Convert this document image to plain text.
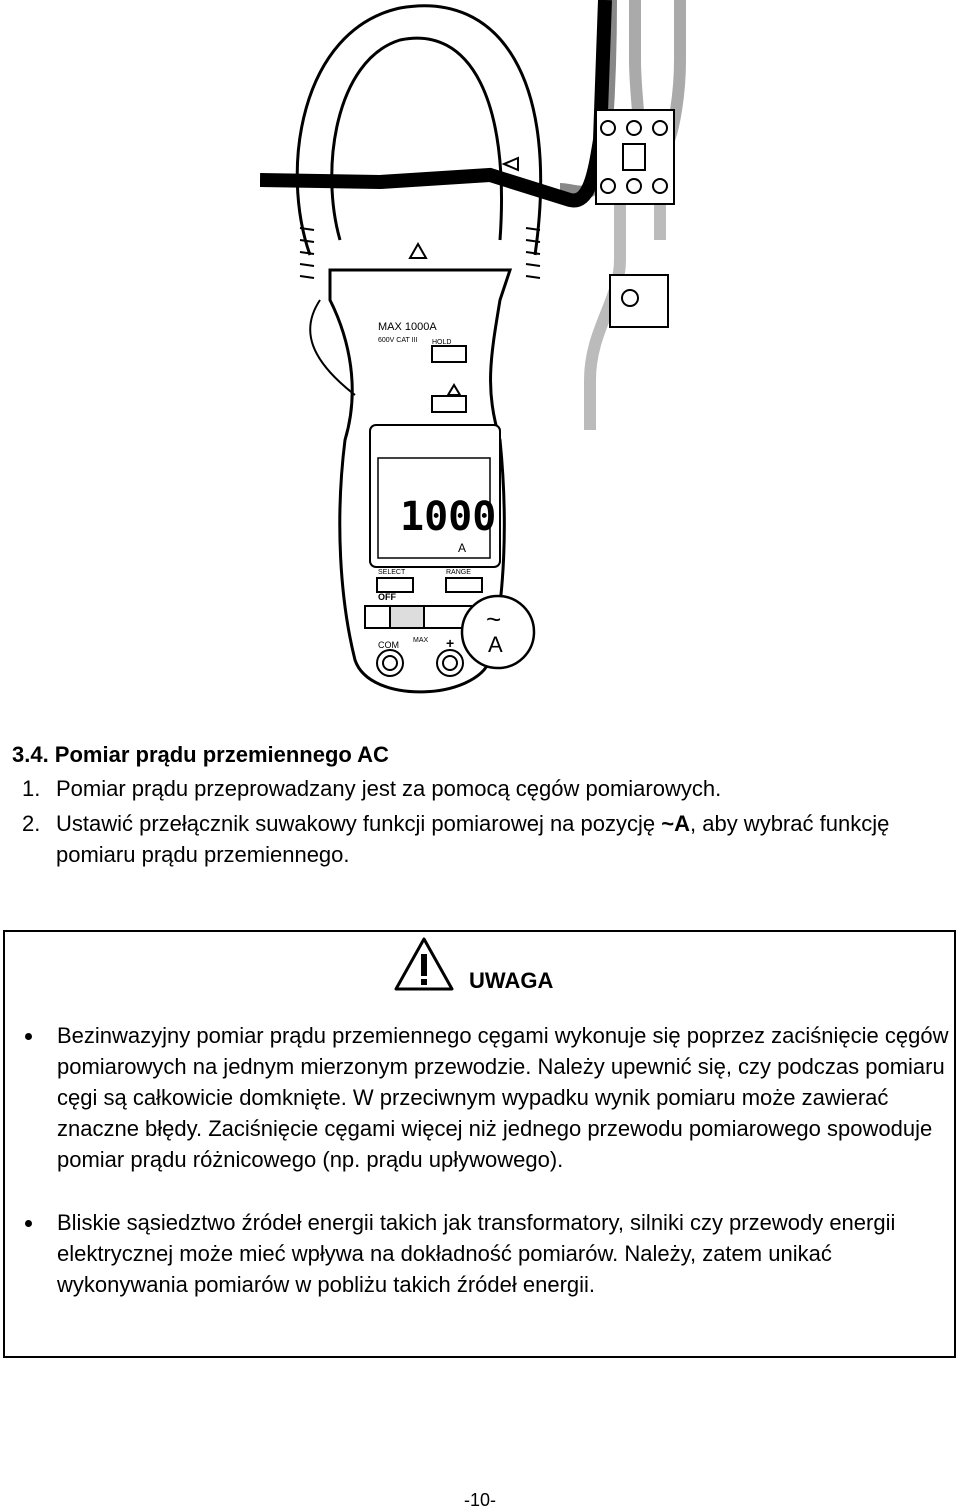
MAX 1000A
600V CAT III HOLD
1000
A
SELECT	RANGE
OFF
MAX
COM	+
~
A
3.4. Pomiar prądu przemiennego AC
1. Pomiar prądu przeprowadzany jest za pomocą cęgów pomiarowych.
2. Ustawić przełącznik suwakowy funkcji pomiarowej na pozycję ~A, aby wybrać funkcję pomiaru prądu przemiennego.
UWAGA
Bezinwazyjny pomiar prądu przemiennego cęgami wykonuje się poprzez zaciśnięcie cęgów pomiarowych na jednym mierzonym przewodzie. Należy upewnić się, czy podczas pomiaru cęgi są całkowicie domknięte. W przeciwnym wypadku wynik pomiaru może zawierać znaczne błędy. Zaciśnięcie cęgami więcej niż jednego przewodu pomiarowego spowoduje pomiar prądu różnicowego (np. prądu upływowego).
Bliskie sąsiedztwo źródeł energii takich jak transformatory, silniki czy przewody energii elektrycznej może mieć wpływa na dokładność pomiarów. Należy, zatem unikać wykonywania pomiarów w pobliżu takich źródeł energii.
-10-
